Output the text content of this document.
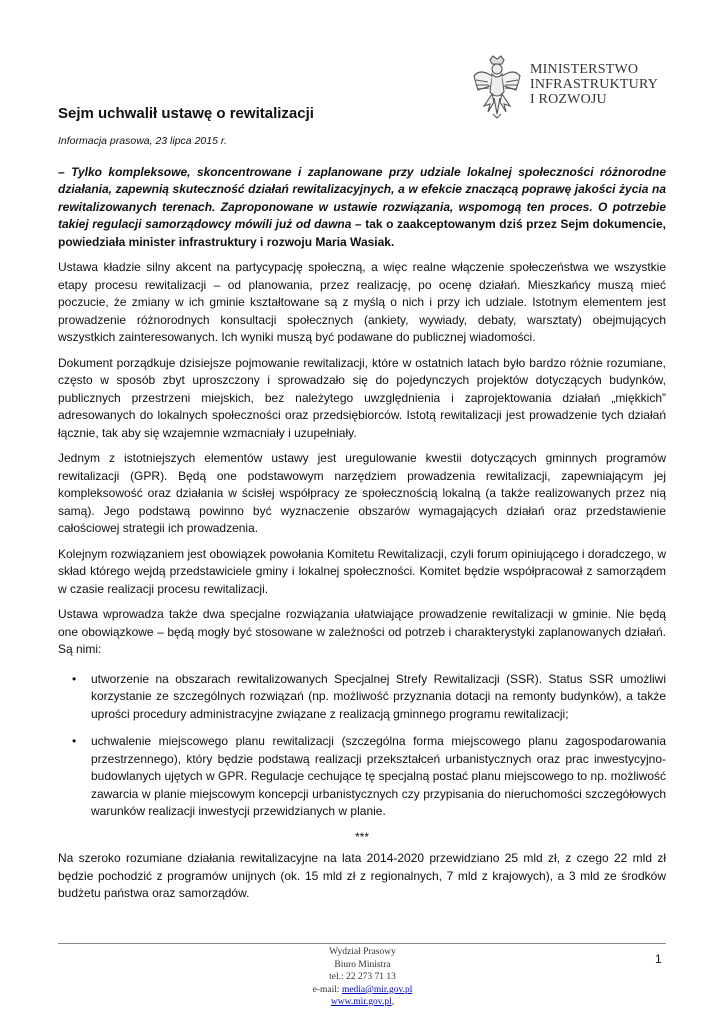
MINISTERSTWO
INFRASTRUKTURY
I ROZWOJU
Sejm uchwalił ustawę o rewitalizacji
Informacja prasowa, 23 lipca 2015 r.

– Tylko kompleksowe, skoncentrowane i zaplanowane przy udziale lokalnej społeczności różnorodne działania, zapewnią skuteczność działań rewitalizacyjnych, a w efekcie znaczącą poprawę jakości życia na rewitalizowanych terenach. Zaproponowane w ustawie rozwiązania, wspomogą ten proces. O potrzebie takiej regulacji samorządowcy mówili już od dawna – tak o zaakceptowanym dziś przez Sejm dokumencie, powiedziała minister infrastruktury i rozwoju Maria Wasiak.

Ustawa kładzie silny akcent na partycypację społeczną, a więc realne włączenie społeczeństwa we wszystkie etapy procesu rewitalizacji – od planowania, przez realizację, po ocenę działań. Mieszkańcy muszą mieć poczucie, że zmiany w ich gminie kształtowane są z myślą o nich i przy ich udziale. Istotnym elementem jest prowadzenie różnorodnych konsultacji społecznych (ankiety, wywiady, debaty, warsztaty) obejmujących wszystkich zainteresowanych. Ich wyniki muszą być podawane do publicznej wiadomości.

Dokument porządkuje dzisiejsze pojmowanie rewitalizacji, które w ostatnich latach było bardzo różnie rozumiane, często w sposób zbyt uproszczony i sprowadzało się do pojedynczych projektów dotyczących budynków, publicznych przestrzeni miejskich, bez należytego uwzględnienia i zaprojektowania działań „miękkich” adresowanych do lokalnych społeczności oraz przedsiębiorców. Istotą rewitalizacji jest prowadzenie tych działań łącznie, tak aby się wzajemnie wzmacniały i uzupełniały.

Jednym z istotniejszych elementów ustawy jest uregulowanie kwestii dotyczących gminnych programów rewitalizacji (GPR). Będą one podstawowym narzędziem prowadzenia rewitalizacji, zapewniającym jej kompleksowość oraz działania w ścisłej współpracy ze społecznością lokalną (a także realizowanych przez nią samą). Jego podstawą powinno być wyznaczenie obszarów wymagających działań oraz przedstawienie całościowej strategii ich prowadzenia.

Kolejnym rozwiązaniem jest obowiązek powołania Komitetu Rewitalizacji, czyli forum opiniującego i doradczego, w skład którego wejdą przedstawiciele gminy i lokalnej społeczności. Komitet będzie współpracował z samorządem w czasie realizacji procesu rewitalizacji.

Ustawa wprowadza także dwa specjalne rozwiązania ułatwiające prowadzenie rewitalizacji w gminie. Nie będą one obowiązkowe – będą mogły być stosowane w zależności od potrzeb i charakterystyki zaplanowanych działań. Są nimi:

• utworzenie na obszarach rewitalizowanych Specjalnej Strefy Rewitalizacji (SSR). Status SSR umożliwi korzystanie ze szczególnych rozwiązań (np. możliwość przyznania dotacji na remonty budynków), a także uprości procedury administracyjne związane z realizacją gminnego programu rewitalizacji;
• uchwalenie miejscowego planu rewitalizacji (szczególna forma miejscowego planu zagospodarowania przestrzennego), który będzie podstawą realizacji przekształceń urbanistycznych oraz prac inwestycyjno-budowlanych ujętych w GPR. Regulacje cechujące tę specjalną postać planu miejscowego to np. możliwość zawarcia w planie miejscowym koncepcji urbanistycznych czy przypisania do nieruchomości szczegółowych warunków realizacji inwestycji przewidzianych w planie.
***

Na szeroko rozumiane działania rewitalizacyjne na lata 2014-2020 przewidziano 25 mld zł, z czego 22 mld zł będzie pochodzić z programów unijnych (ok. 15 mld zł z regionalnych, 7 mld z krajowych), a 3 mld ze środków budżetu państwa oraz samorządów.

Wydział Prasowy
Biuro Ministra
tel.: 22 273 71 13
e-mail: media@mir.gov.pl
www.mir.gov.pl,
1
